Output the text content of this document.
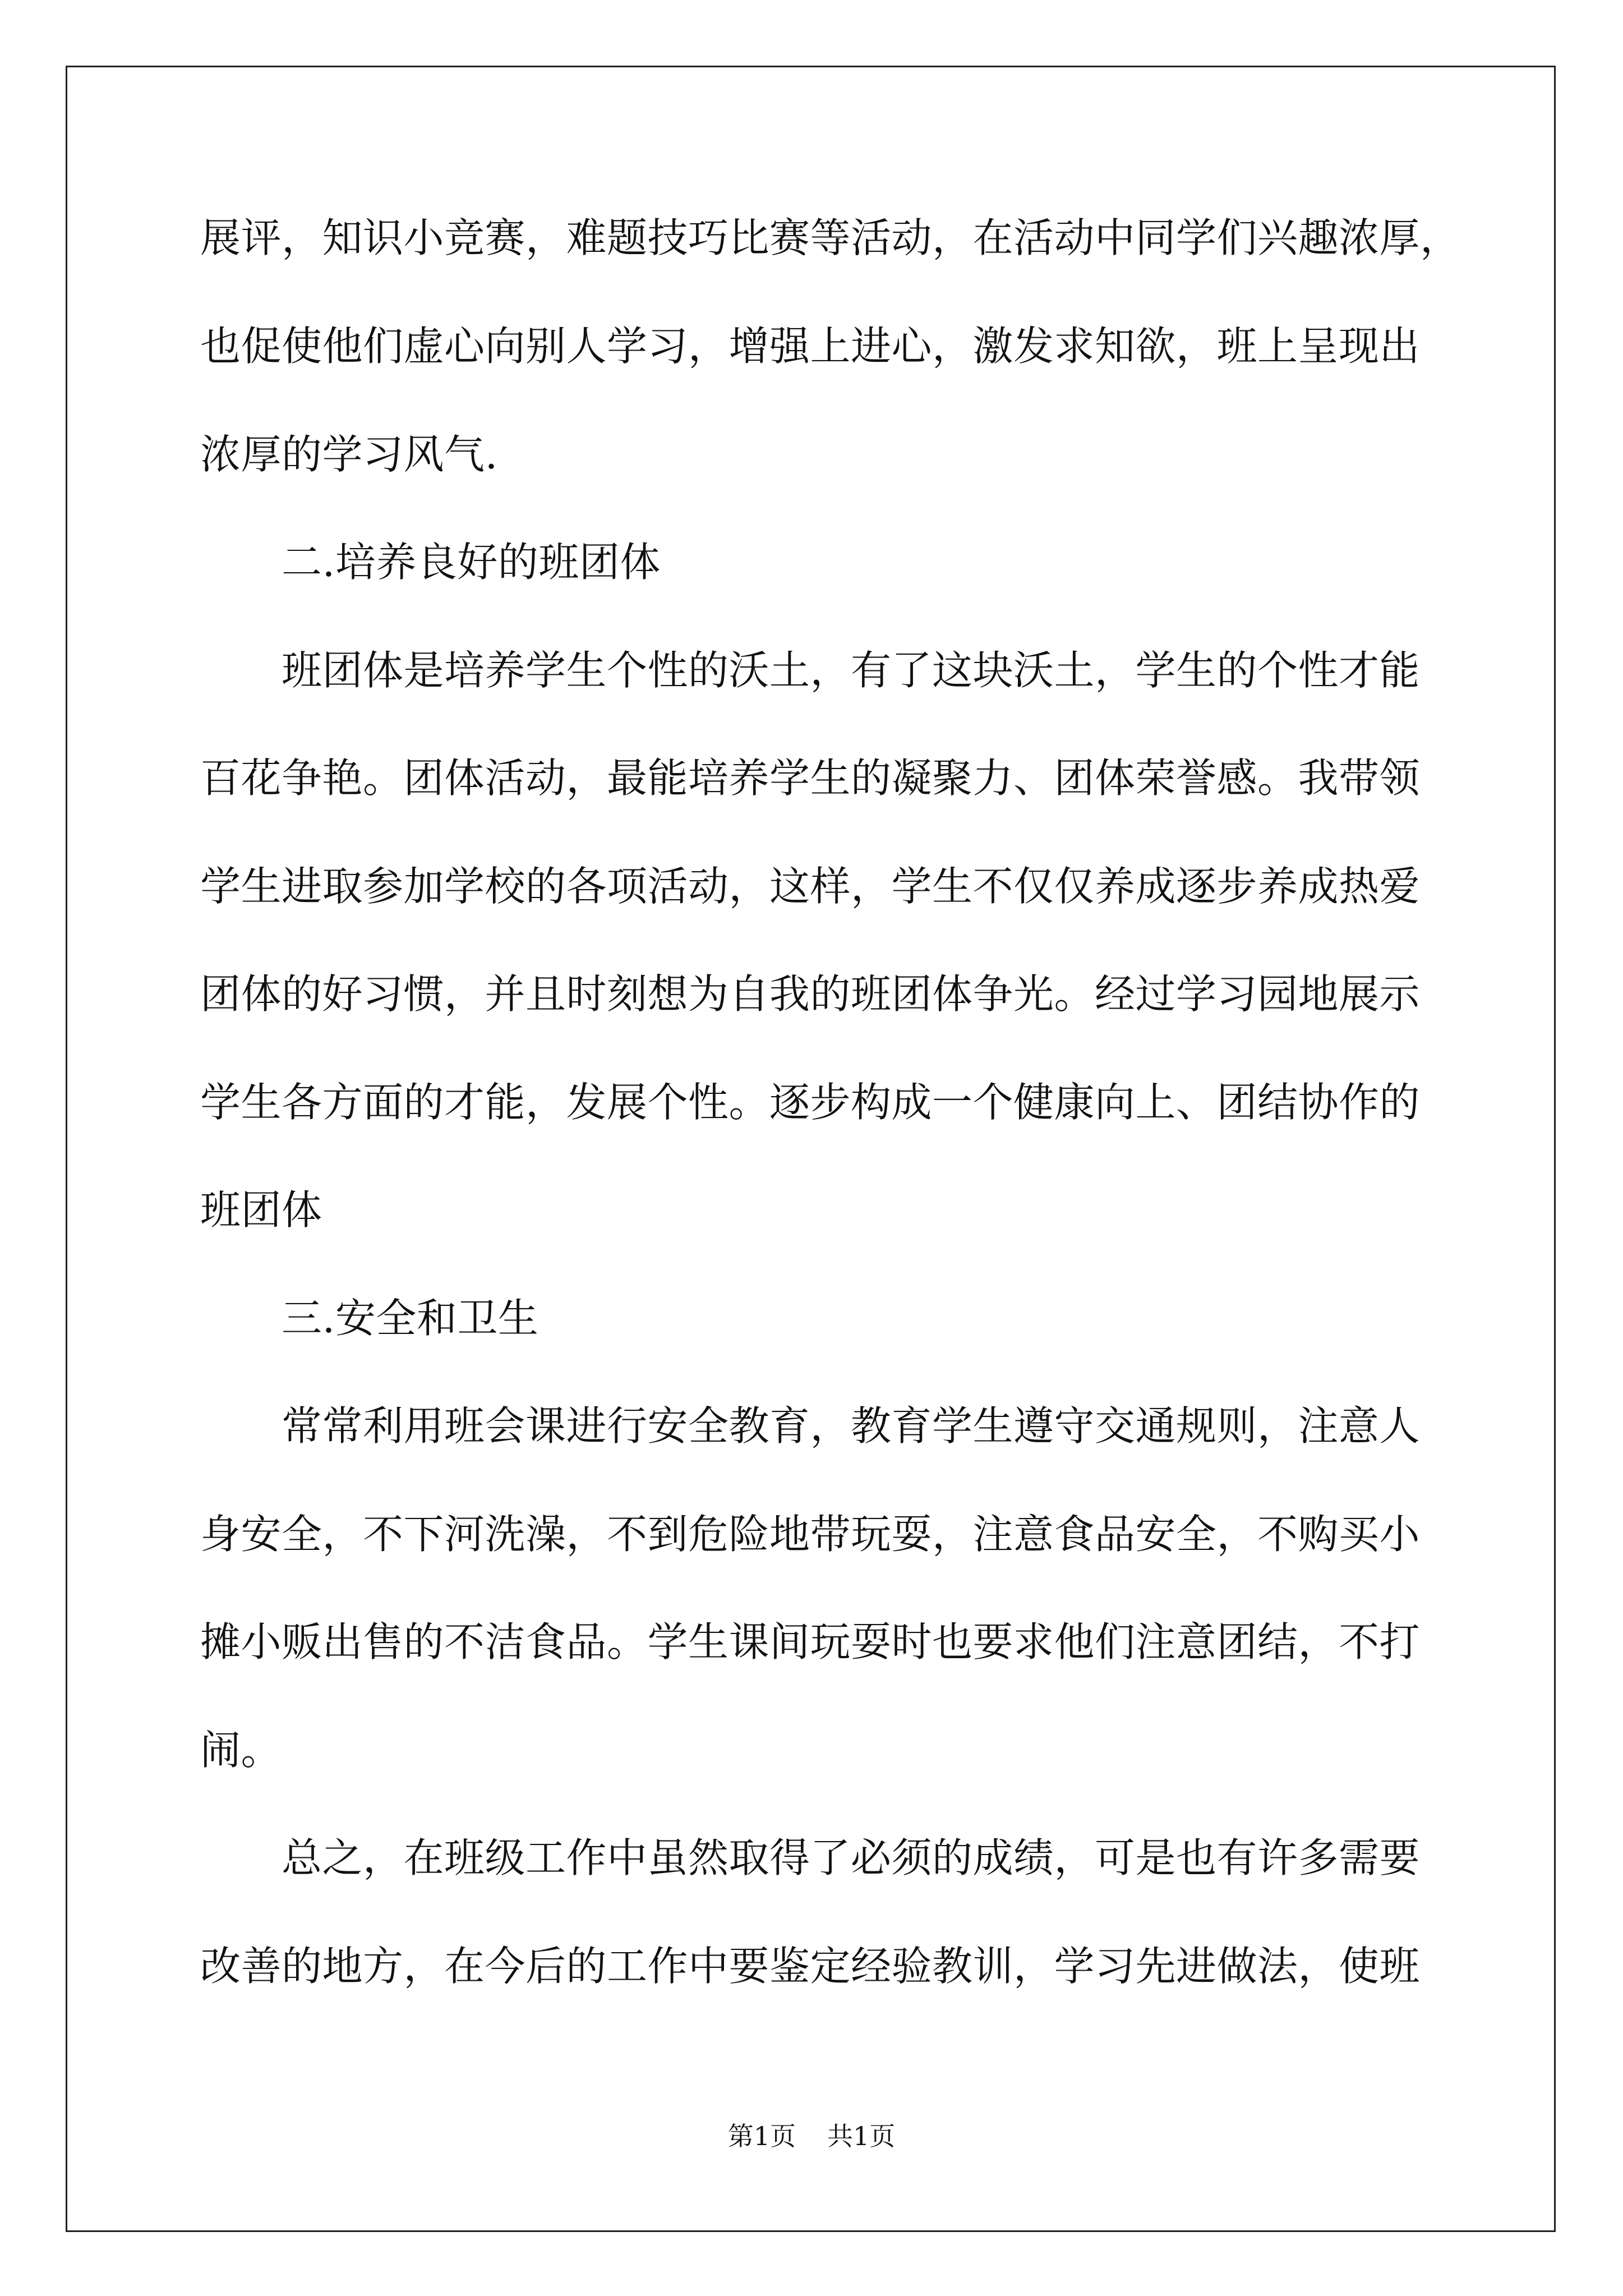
展评，知识小竞赛，难题技巧比赛等活动，在活动中同学们兴趣浓厚，
也促使他们虚心向别人学习，增强上进心，激发求知欲，班上呈现出
浓厚的学习风气.
二.培养良好的班团体
班团体是培养学生个性的沃土，有了这块沃土，学生的个性才能
百花争艳。团体活动，最能培养学生的凝聚力、团体荣誉感。我带领
学生进取参加学校的各项活动，这样，学生不仅仅养成逐步养成热爱
团体的好习惯，并且时刻想为自我的班团体争光。经过学习园地展示
学生各方面的才能，发展个性。逐步构成一个健康向上、团结协作的
班团体
三.安全和卫生
常常利用班会课进行安全教育，教育学生遵守交通规则，注意人
身安全，不下河洗澡，不到危险地带玩耍，注意食品安全，不购买小
摊小贩出售的不洁食品。学生课间玩耍时也要求他们注意团结，不打
闹。
总之，在班级工作中虽然取得了必须的成绩，可是也有许多需要
改善的地方，在今后的工作中要鉴定经验教训，学习先进做法，使班
第1页 共1页
